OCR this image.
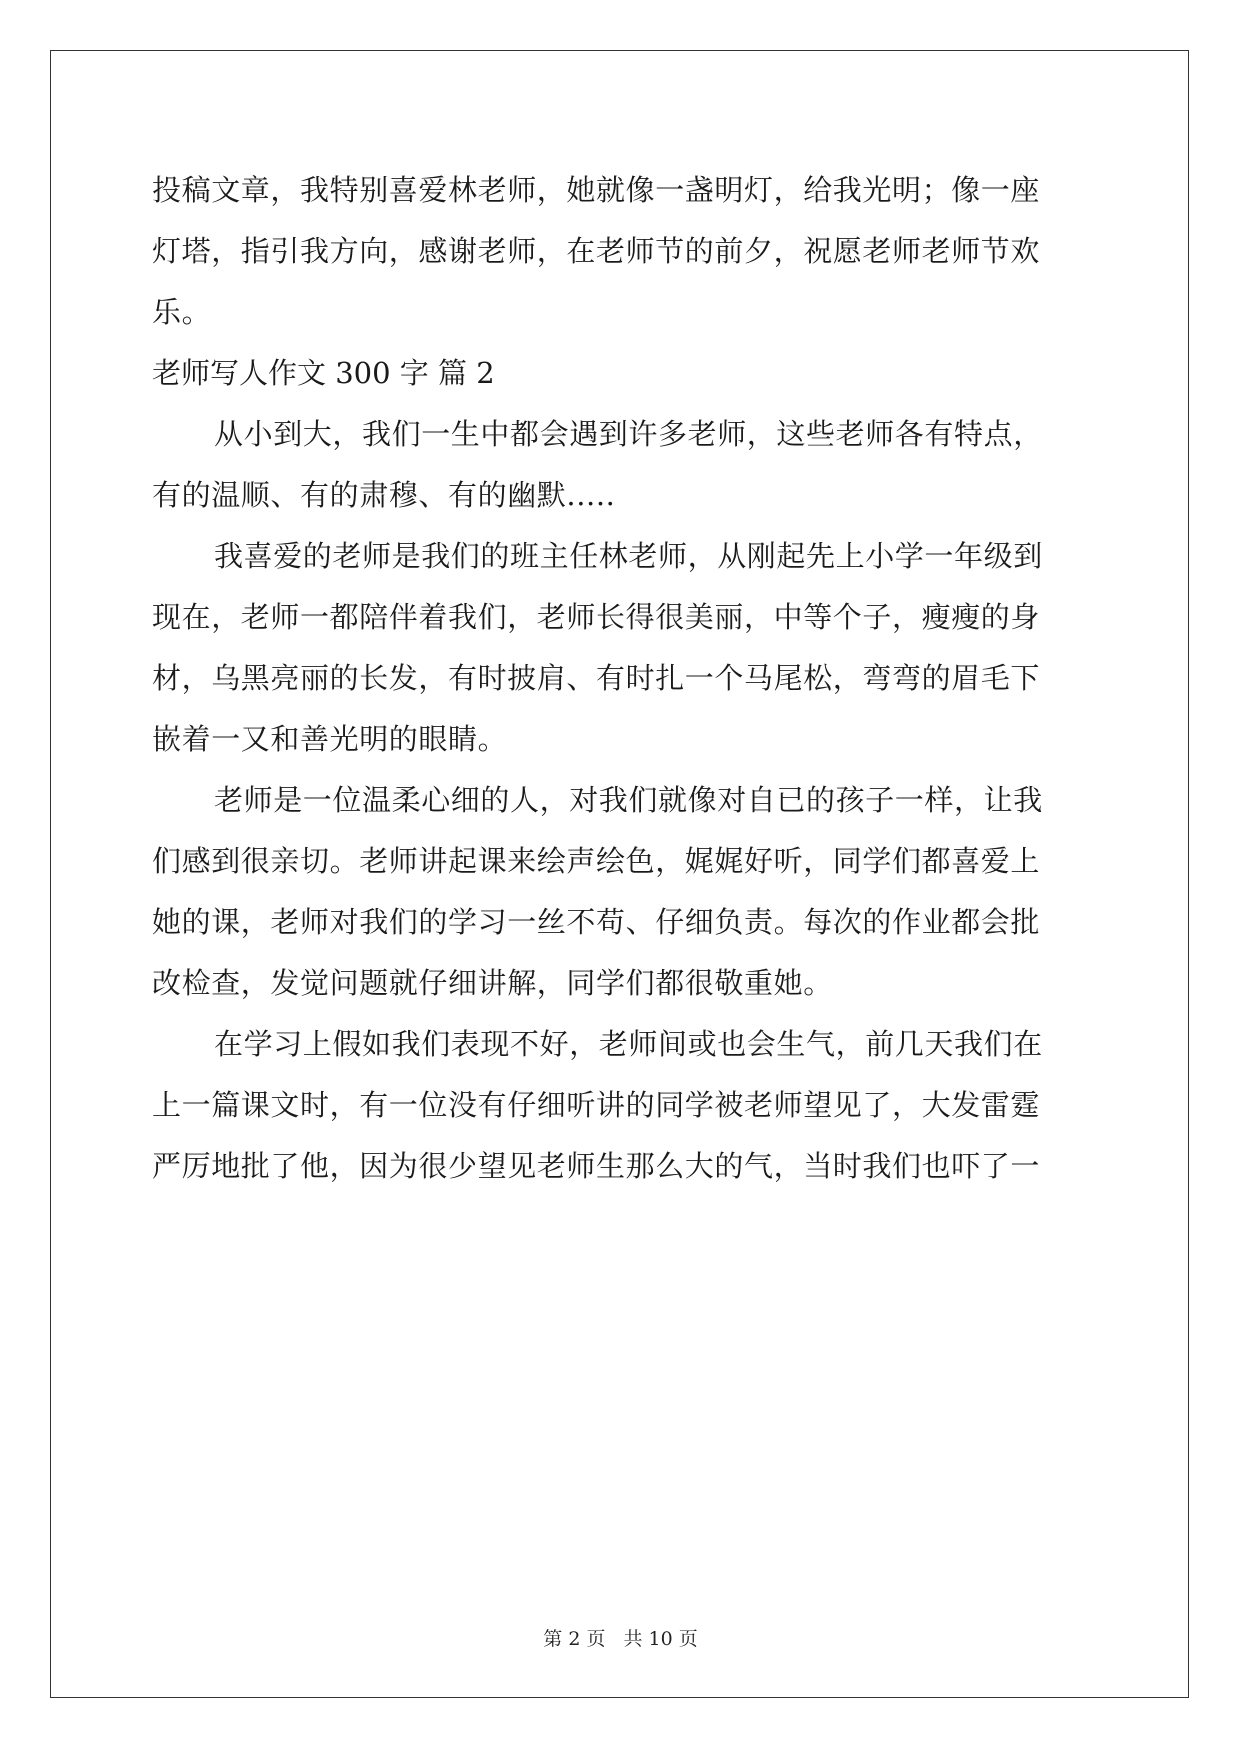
投稿文章，我特别喜爱林老师，她就像一盏明灯，给我光明；像一座
灯塔，指引我方向，感谢老师，在老师节的前夕，祝愿老师老师节欢
乐。
老师写人作文 300 字 篇 2
从小到大，我们一生中都会遇到许多老师，这些老师各有特点，
有的温顺、有的肃穆、有的幽默.....
我喜爱的老师是我们的班主任林老师，从刚起先上小学一年级到
现在，老师一都陪伴着我们，老师长得很美丽，中等个子，瘦瘦的身
材，乌黑亮丽的长发，有时披肩、有时扎一个马尾松，弯弯的眉毛下
嵌着一又和善光明的眼睛。
老师是一位温柔心细的人，对我们就像对自已的孩子一样，让我
们感到很亲切。老师讲起课来绘声绘色，娓娓好听，同学们都喜爱上
她的课，老师对我们的学习一丝不苟、仔细负责。每次的作业都会批
改检查，发觉问题就仔细讲解，同学们都很敬重她。
在学习上假如我们表现不好，老师间或也会生气，前几天我们在
上一篇课文时，有一位没有仔细听讲的同学被老师望见了，大发雷霆
严厉地批了他，因为很少望见老师生那么大的气，当时我们也吓了一
第 2 页 共 10 页
